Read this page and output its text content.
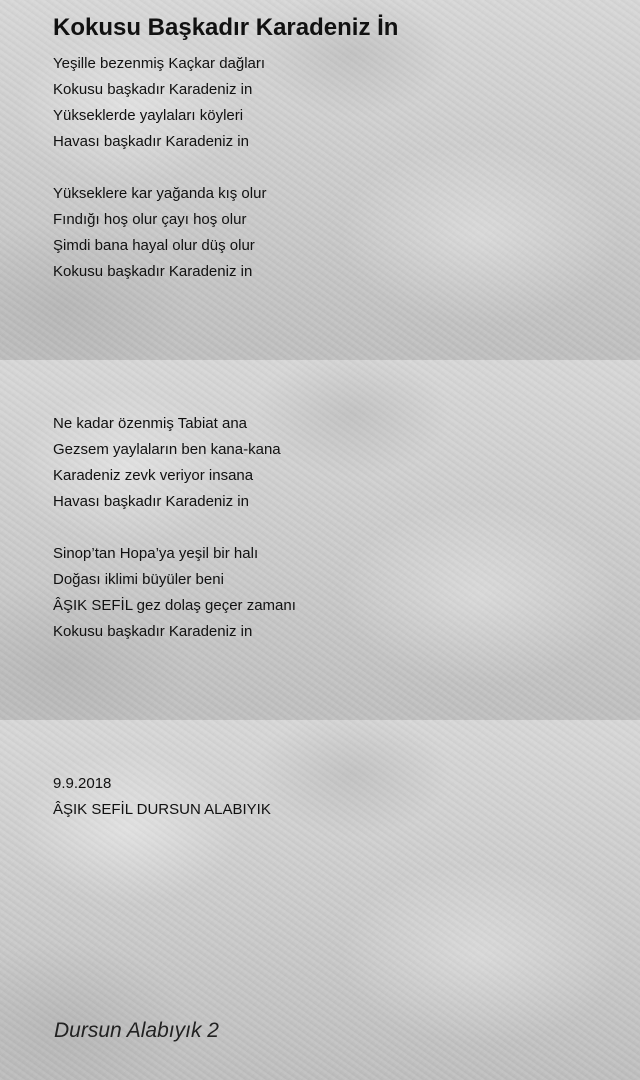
Kokusu Başkadır Karadeniz İn
Yeşille bezenmiş Kaçkar dağları
Kokusu başkadır Karadeniz in
Yükseklerde yaylaları köyleri
Havası başkadır Karadeniz in
Yükseklere kar yağanda kış olur
Fındığı hoş olur çayı hoş olur
Şimdi bana hayal olur düş olur
Kokusu başkadır Karadeniz in
Ne kadar özenmiş Tabiat ana
Gezsem yaylaların ben kana-kana
Karadeniz zevk veriyor insana
Havası başkadır Karadeniz in
Sinop’tan Hopa’ya yeşil bir halı
Doğası iklimi büyüler beni
ÂŞIK SEFİL gez dolaş geçer zamanı
Kokusu başkadır Karadeniz in
9.9.2018
ÂŞIK SEFİL DURSUN ALABIYIK
Dursun Alabıyık 2
